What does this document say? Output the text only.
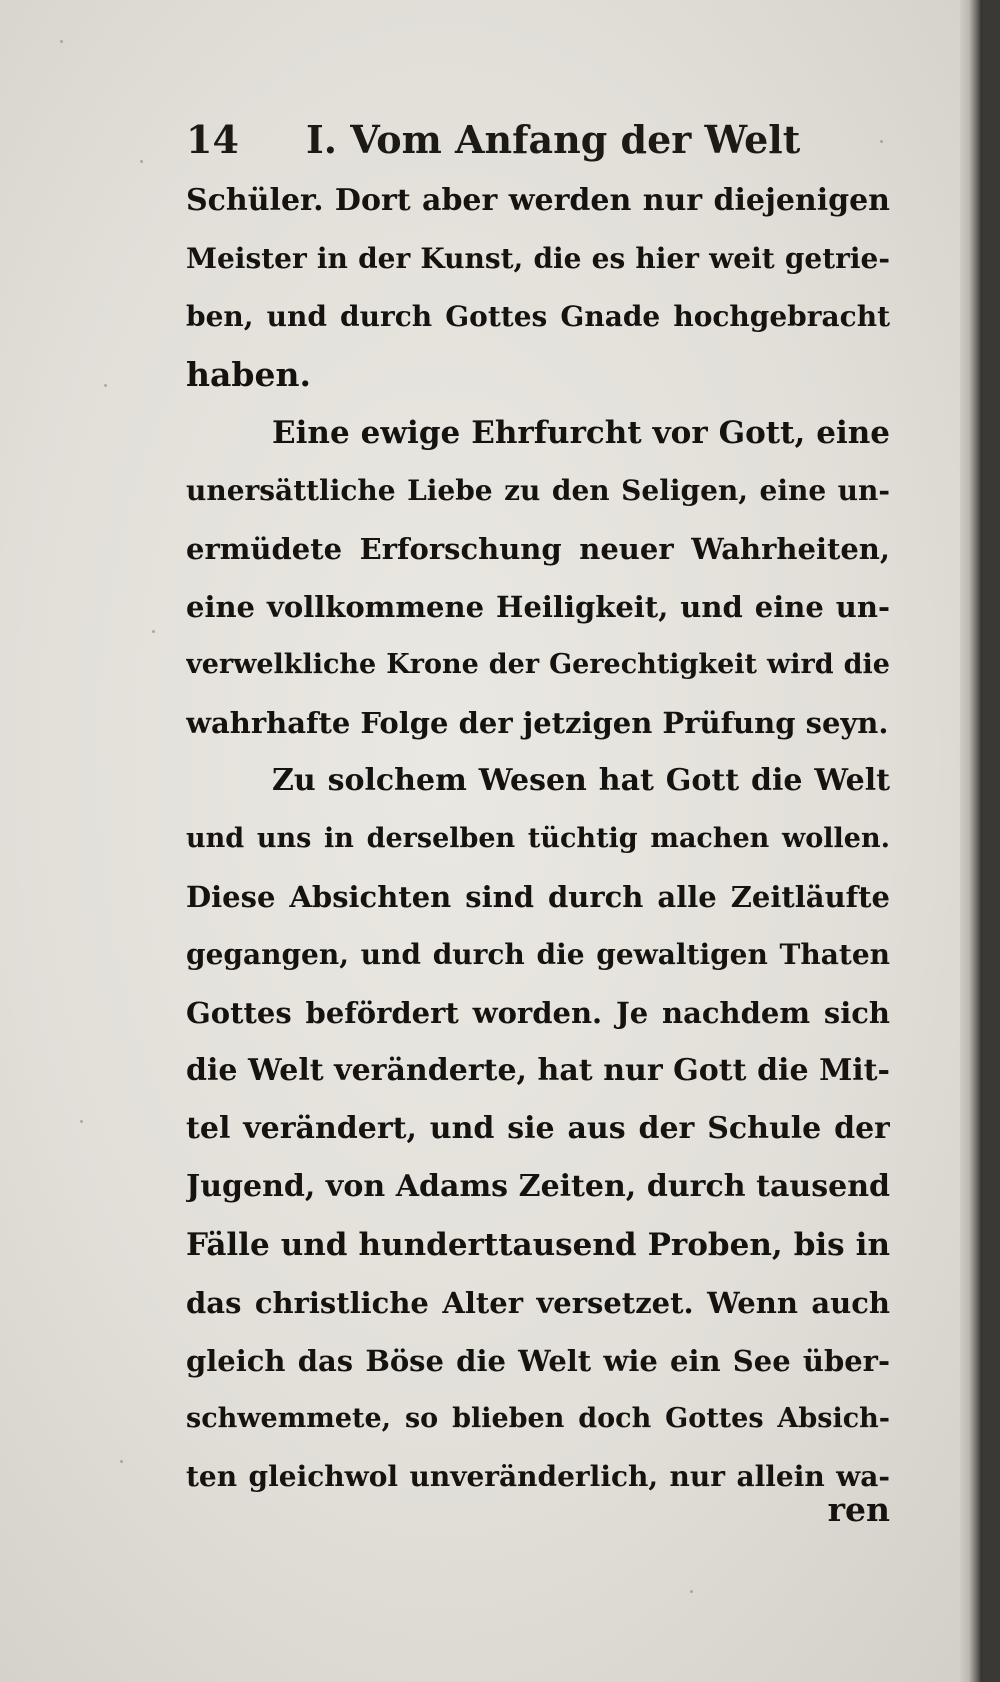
14 I. Vom Anfang der Welt
Schüler. Dort aber werden nur diejenigen
Meister in der Kunst, die es hier weit getrie-
ben, und durch Gottes Gnade hochgebracht
haben.
Eine ewige Ehrfurcht vor Gott, eine
unersättliche Liebe zu den Seligen, eine un-
ermüdete Erforschung neuer Wahrheiten,
eine vollkommene Heiligkeit, und eine un-
verwelkliche Krone der Gerechtigkeit wird die
wahrhafte Folge der jetzigen Prüfung seyn.
Zu solchem Wesen hat Gott die Welt
und uns in derselben tüchtig machen wollen.
Diese Absichten sind durch alle Zeitläufte
gegangen, und durch die gewaltigen Thaten
Gottes befördert worden. Je nachdem sich
die Welt veränderte, hat nur Gott die Mit-
tel verändert, und sie aus der Schule der
Jugend, von Adams Zeiten, durch tausend
Fälle und hunderttausend Proben, bis in
das christliche Alter versetzet. Wenn auch
gleich das Böse die Welt wie ein See über-
schwemmete, so blieben doch Gottes Absich-
ten gleichwol unveränderlich, nur allein wa-
ren
